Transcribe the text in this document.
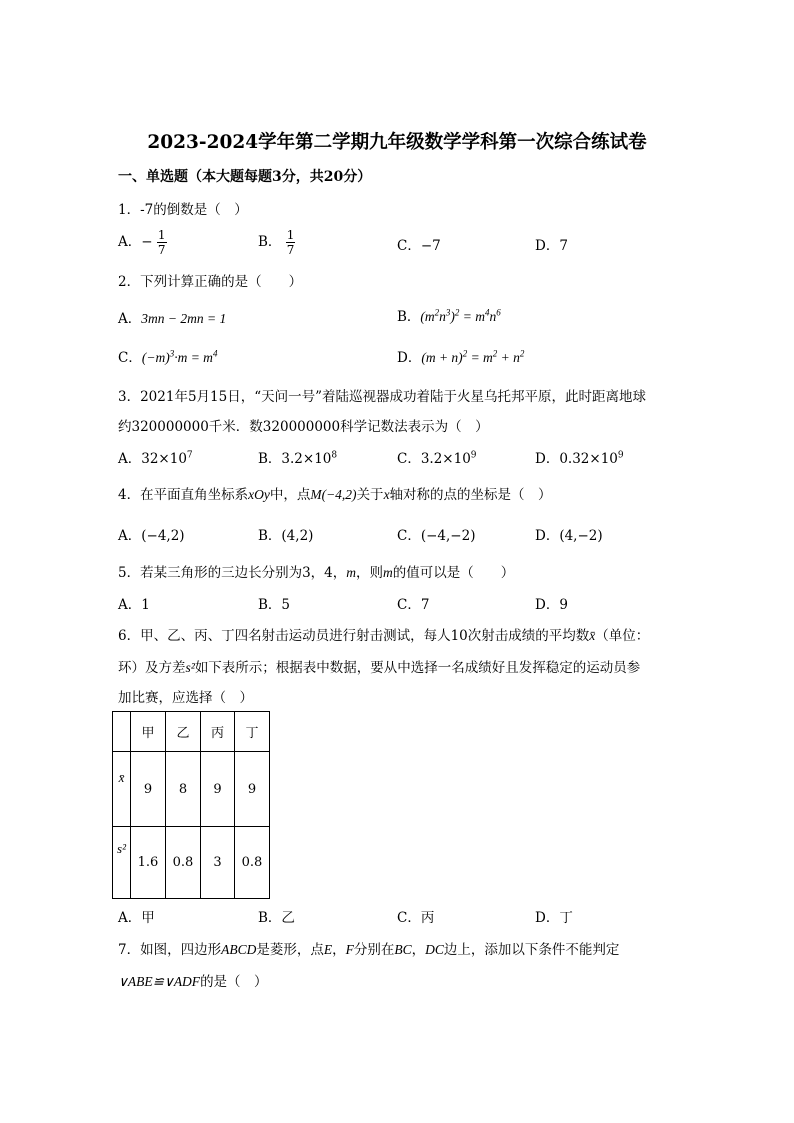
2023-2024学年第二学期九年级数学学科第一次综合练试卷
一、单选题（本大题每题3分，共20分）
1．-7的倒数是（　）
A．− $\frac{1}{7}$	B． $\frac{1}{7}$	C．−7	D．7
2．下列计算正确的是（　　）
A．3mn − 2mn = 1	B．$(m^2n^3)^2 = m^4n^6$
C．$(-m)^3\cdot m = m^4$	D．$(m + n)^2 = m^2 + n^2$
3．2021年5月15日，“天问一号”着陆巡视器成功着陆于火星乌托邦平原，此时距离地球
约320000000千米．数320000000科学记数法表示为（　）
A．$32\times 10^7$	B．$3.2\times 10^8$	C．$3.2\times 10^9$	D．$0.32\times 10^9$
4．在平面直角坐标系xOy中，点M(−4,2)关于x轴对称的点的坐标是（　）
A．(−4,2)	B．(4,2)	C．(−4,−2)	D．(4,−2)
5．若某三角形的三边长分别为3，4，m，则m的值可以是（　　）
A．1	B．5	C．7	D．9
6．甲、乙、丙、丁四名射击运动员进行射击测试，每人10次射击成绩的平均数x̄（单位：
环）及方差s²如下表所示；根据表中数据，要从中选择一名成绩好且发挥稳定的运动员参
加比赛，应选择（　）
	甲	乙	丙	丁
x̄	9	8	9	9
s²	1.6	0.8	3	0.8
A．甲	B．乙	C．丙	D．丁
7．如图，四边形ABCD是菱形，点E，F分别在BC，DC边上，添加以下条件不能判定
∨ABE≌∨ADF的是（　）
